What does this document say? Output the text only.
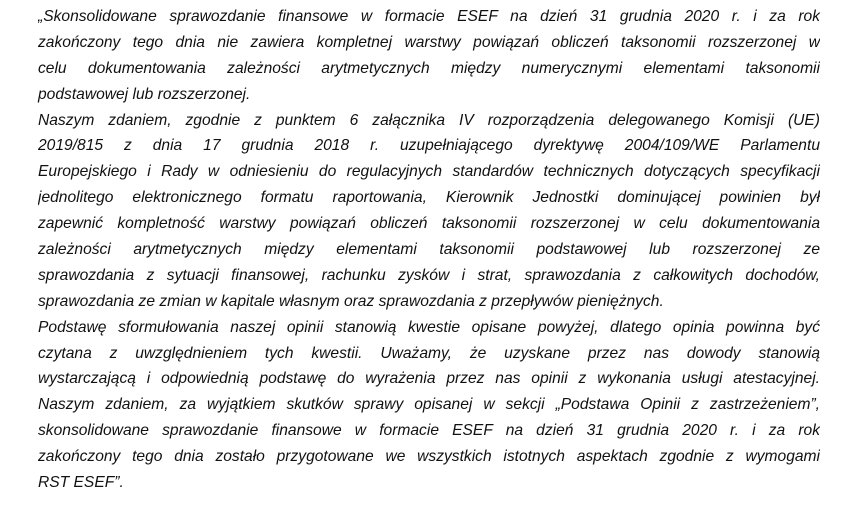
„Skonsolidowane sprawozdanie finansowe w formacie ESEF na dzień 31 grudnia 2020 r. i za rok
zakończony tego dnia nie zawiera kompletnej warstwy powiązań obliczeń taksonomii rozszerzonej w
celu dokumentowania zależności arytmetycznych między numerycznymi elementami taksonomii
podstawowej lub rozszerzonej.
Naszym zdaniem, zgodnie z punktem 6 załącznika IV rozporządzenia delegowanego Komisji (UE)
2019/815 z dnia 17 grudnia 2018 r. uzupełniającego dyrektywę 2004/109/WE Parlamentu
Europejskiego i Rady w odniesieniu do regulacyjnych standardów technicznych dotyczących specyfikacji
jednolitego elektronicznego formatu raportowania, Kierownik Jednostki dominującej powinien był
zapewnić kompletność warstwy powiązań obliczeń taksonomii rozszerzonej w celu dokumentowania
zależności arytmetycznych między elementami taksonomii podstawowej lub rozszerzonej ze
sprawozdania z sytuacji finansowej, rachunku zysków i strat, sprawozdania z całkowitych dochodów,
sprawozdania ze zmian w kapitale własnym oraz sprawozdania z przepływów pieniężnych.
Podstawę sformułowania naszej opinii stanowią kwestie opisane powyżej, dlatego opinia powinna być
czytana z uwzględnieniem tych kwestii. Uważamy, że uzyskane przez nas dowody stanowią
wystarczającą i odpowiednią podstawę do wyrażenia przez nas opinii z wykonania usługi atestacyjnej.
Naszym zdaniem, za wyjątkiem skutków sprawy opisanej w sekcji „Podstawa Opinii z zastrzeżeniem”,
skonsolidowane sprawozdanie finansowe w formacie ESEF na dzień 31 grudnia 2020 r. i za rok
zakończony tego dnia zostało przygotowane we wszystkich istotnych aspektach zgodnie z wymogami
RST ESEF”.
